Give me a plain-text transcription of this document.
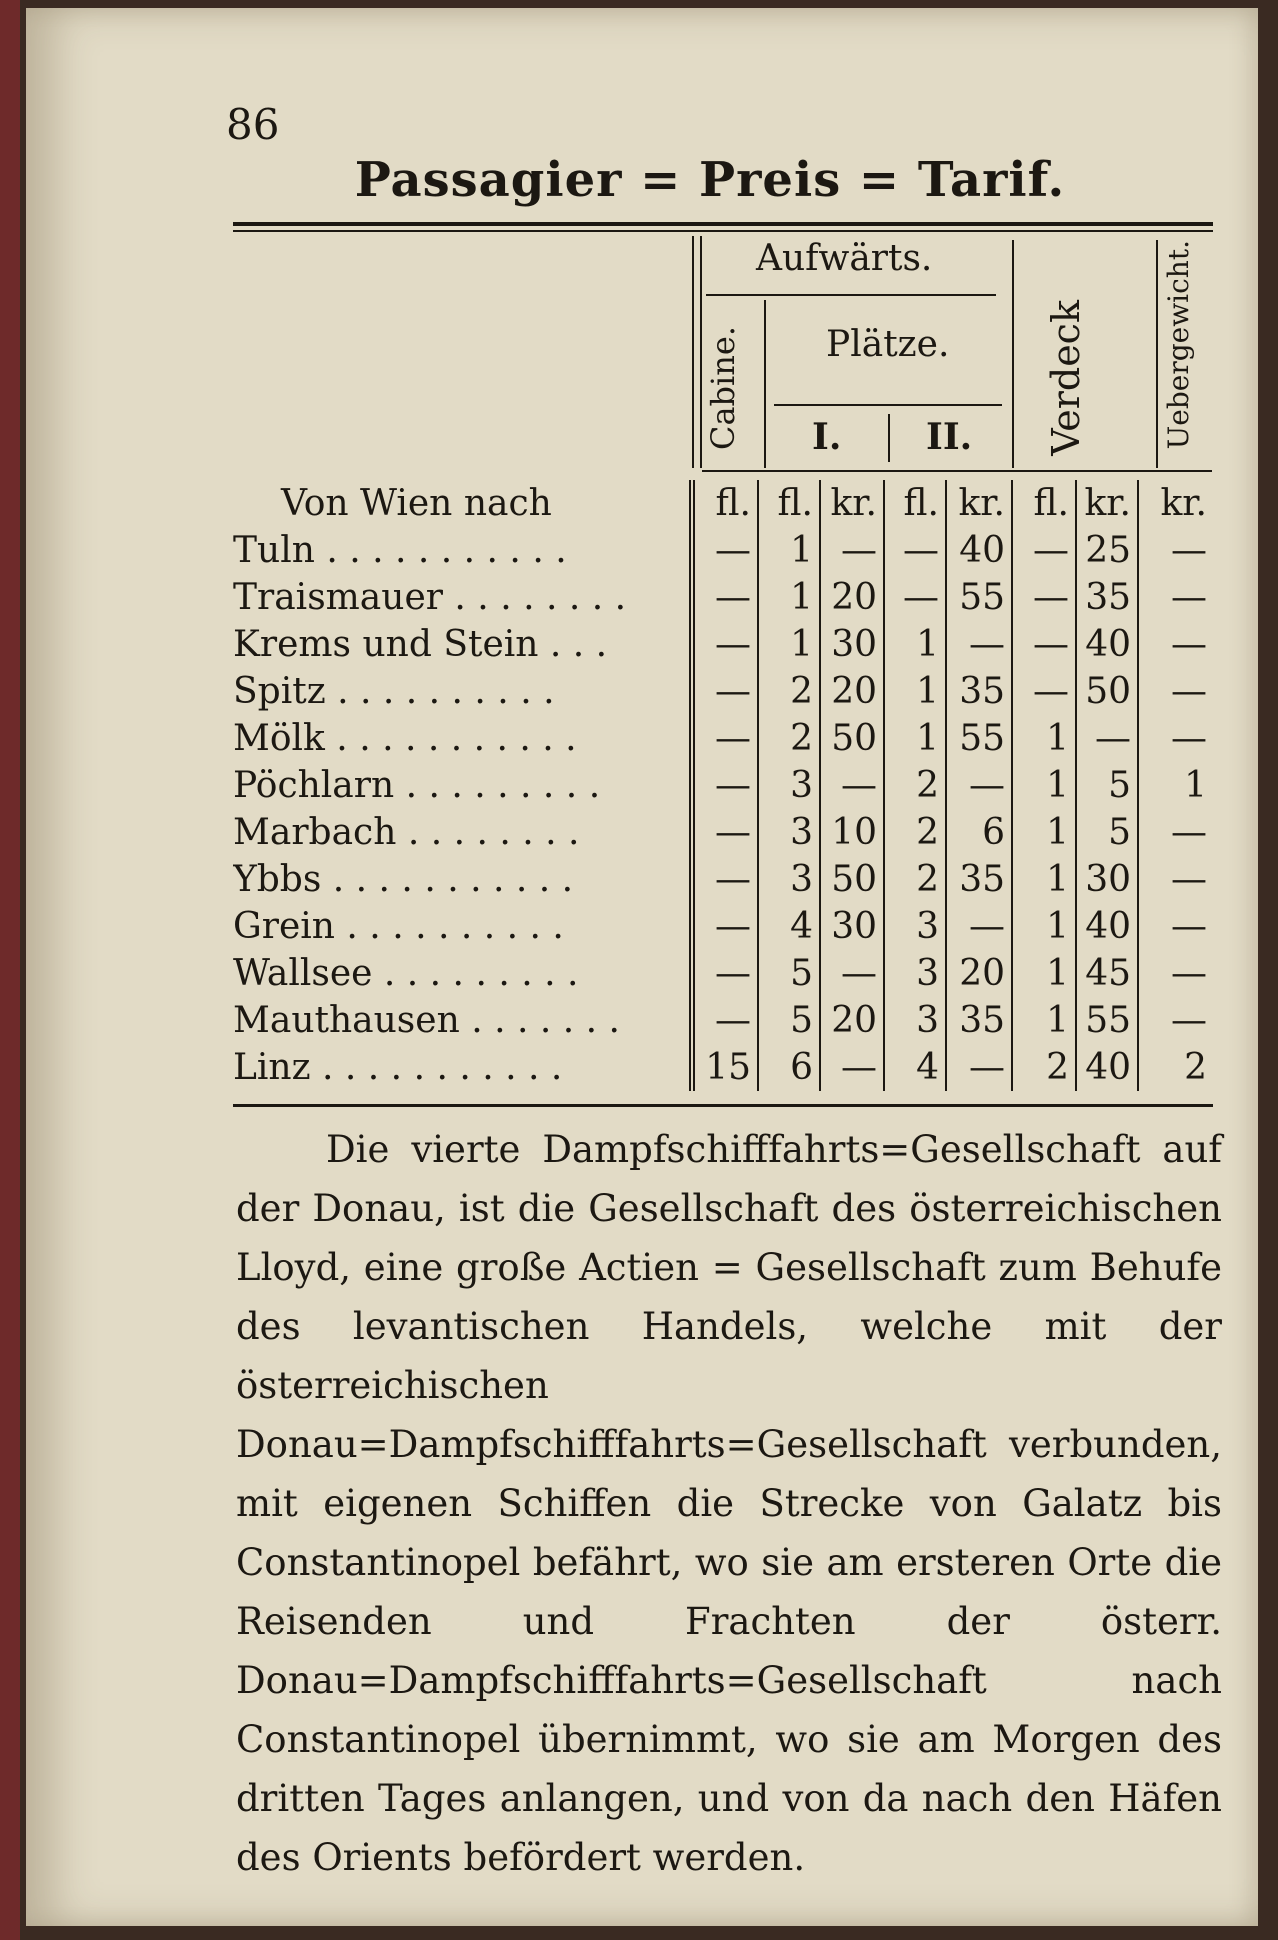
86
Passagier = Preis = Tarif.
Aufwärts.
Cabine. Plätze.
I. II. Verdeck	Uebergewicht.
Von Wien nach	fl.	fl.	kr.	fl.	kr.	fl.	kr.	kr.
Tuln . . . . . . . . . . .	—	1	—	—	40	—	25	—
Traismauer . . . . . . . .	—	1	20	—	55	—	35	—
Krems und Stein . . .	—	1	30	1	—	—	40	—
Spitz . . . . . . . . . .	—	2	20	1	35	—	50	—
Mölk . . . . . . . . . . .	—	2	50	1	55	1	—	—
Pöchlarn . . . . . . . . .	—	3	—	2	—	1	5	1
Marbach . . . . . . . .	—	3	10	2	6	1	5	—
Ybbs . . . . . . . . . . .	—	3	50	2	35	1	30	—
Grein . . . . . . . . . .	—	4	30	3	—	1	40	—
Wallsee . . . . . . . . .	—	5	—	3	20	1	45	—
Mauthausen . . . . . . .	—	5	20	3	35	1	55	—
Linz . . . . . . . . . . .	15	6	—	4	—	2	40	2
Die vierte Dampfschifffahrts=Gesellschaft auf der Donau, ist die Gesellschaft des österreichischen Lloyd, eine große Actien = Gesellschaft zum Behufe des levantischen Handels, welche mit der österreichischen Donau=Dampfschifffahrts=Gesellschaft verbunden, mit eigenen Schiffen die Strecke von Galatz bis Constantinopel befährt, wo sie am ersteren Orte die Reisenden und Frachten der österr. Donau=Dampfschifffahrts=Gesellschaft nach Constantinopel übernimmt, wo sie am Morgen des dritten Tages anlangen, und von da nach den Häfen des Orients befördert werden.
